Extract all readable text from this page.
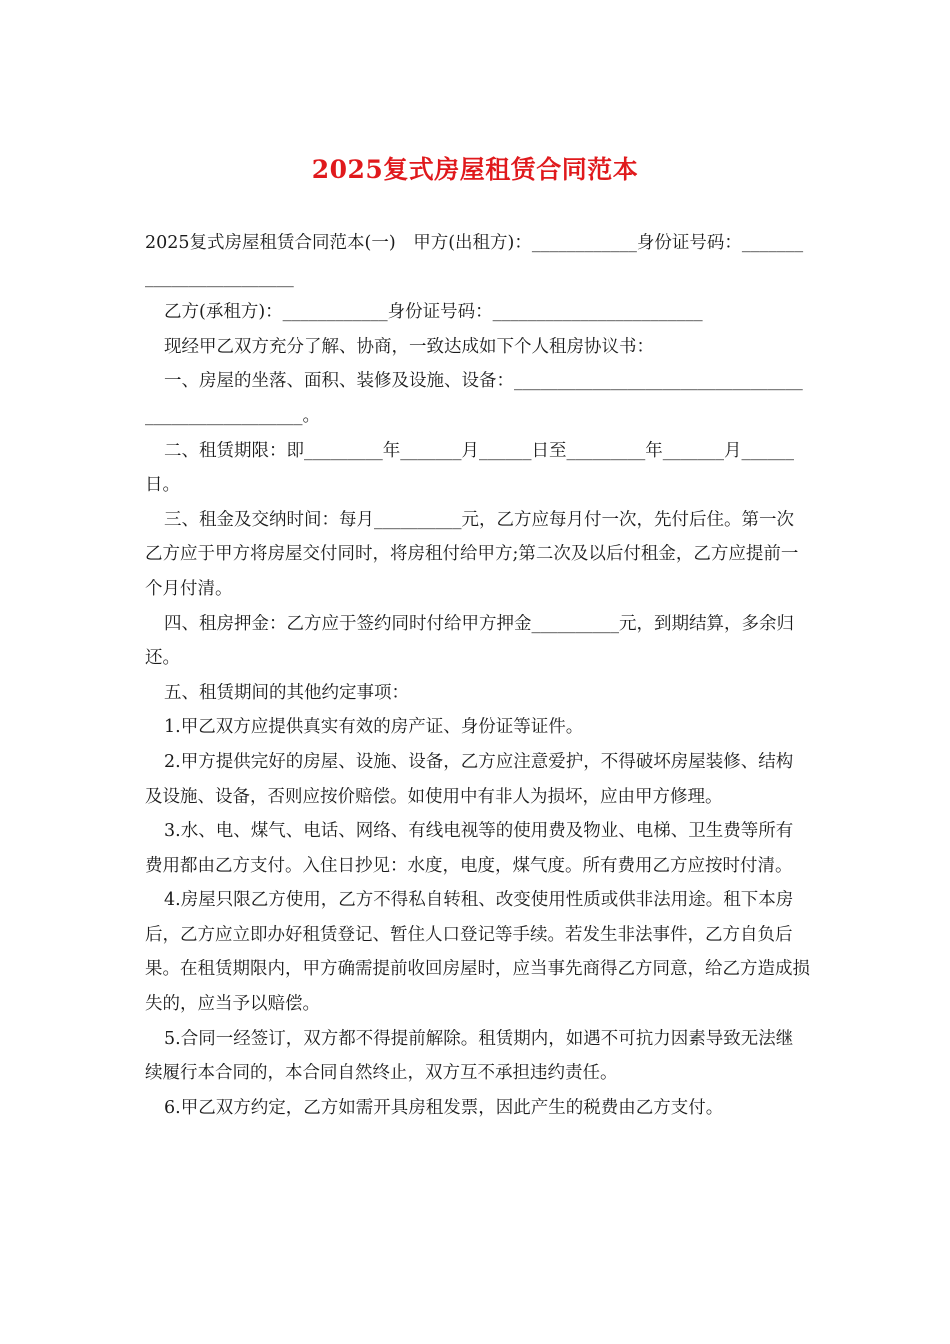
2025复式房屋租赁合同范本

2025复式房屋租赁合同范本(一)　甲方(出租方)：____________身份证号码：________________________

乙方(承租方)：____________身份证号码：________________________

现经甲乙双方充分了解、协商，一致达成如下个人租房协议书：

一、房屋的坐落、面积、装修及设施、设备：___________________________________________________。

二、租赁期限：即_________年_______月______日至_________年_______月______日。

三、租金及交纳时间：每月__________元，乙方应每月付一次，先付后住。第一次乙方应于甲方将房屋交付同时，将房租付给甲方;第二次及以后付租金，乙方应提前一个月付清。

四、租房押金：乙方应于签约同时付给甲方押金__________元，到期结算，多余归还。

五、租赁期间的其他约定事项：

1.甲乙双方应提供真实有效的房产证、身份证等证件。

2.甲方提供完好的房屋、设施、设备，乙方应注意爱护，不得破坏房屋装修、结构及设施、设备，否则应按价赔偿。如使用中有非人为损坏，应由甲方修理。

3.水、电、煤气、电话、网络、有线电视等的使用费及物业、电梯、卫生费等所有费用都由乙方支付。入住日抄见：水度，电度，煤气度。所有费用乙方应按时付清。

4.房屋只限乙方使用，乙方不得私自转租、改变使用性质或供非法用途。租下本房后，乙方应立即办好租赁登记、暂住人口登记等手续。若发生非法事件，乙方自负后果。在租赁期限内，甲方确需提前收回房屋时，应当事先商得乙方同意，给乙方造成损失的，应当予以赔偿。

5.合同一经签订，双方都不得提前解除。租赁期内，如遇不可抗力因素导致无法继续履行本合同的，本合同自然终止，双方互不承担违约责任。

6.甲乙双方约定，乙方如需开具房租发票，因此产生的税费由乙方支付。
